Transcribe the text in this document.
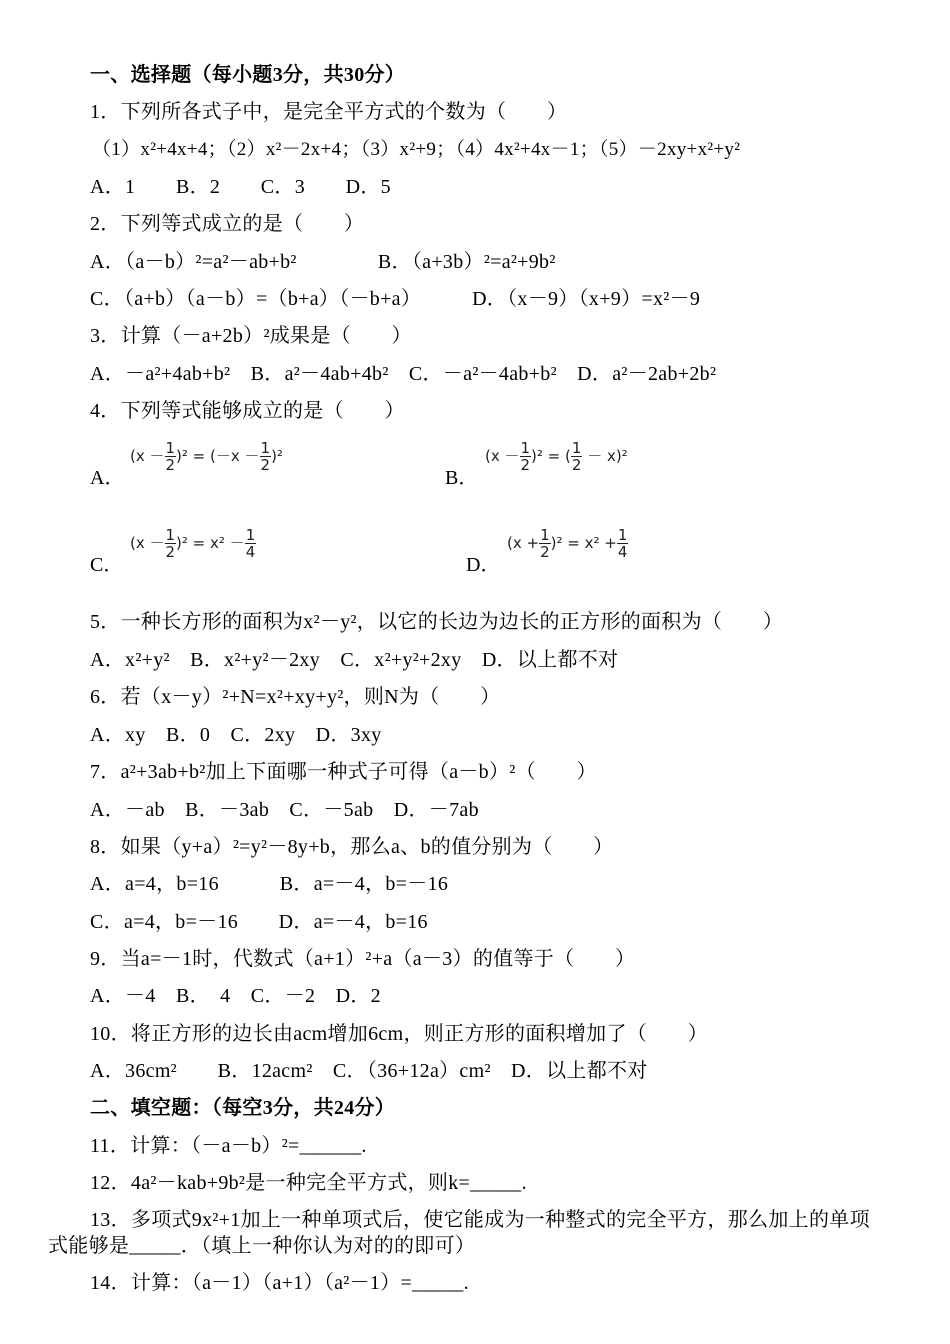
一、选择题（每小题3分，共30分）
1．下列所各式子中，是完全平方式的个数为（　　）
（1）x²+4x+4；（2）x²－2x+4；（3）x²+9；（4）4x²+4x－1；（5）－2xy+x²+y²
A．1　　B．2　　C．3　　D．5
2．下列等式成立的是（　　）
A．（a－b）²=a²－ab+b²　　　　B．（a+3b）²=a²+9b²
C．（a+b）（a－b）=（b+a）（－b+a）　　　D．（x－9）（x+9）=x²－9
3．计算（－a+2b）²成果是（　　）
A．－a²+4ab+b²　B．a²－4ab+4b²　C．－a²－4ab+b²　D．a²－2ab+2b²
4．下列等式能够成立的是（　　）
A．
$(x - \frac{1}{2} )^2 = (-x - \frac{1}{2} )^2$
B．
$(x - \frac{1}{2} )^2$ = ( $\frac{1}{2} - x)^2$
C．
$(x - \frac{1}{2} )^2 = x^2 - \frac{1}{4}$
D．
$(x + \frac{1}{2} )^2 = x^2 + \frac{1}{4}$
5．一种长方形的面积为x²－y²，以它的长边为边长的正方形的面积为（　　）
A．x²+y²　B．x²+y²－2xy　C．x²+y²+2xy　D．以上都不对
6．若（x－y）²+N=x²+xy+y²，则N为（　　）
A．xy　B．0　C．2xy　D．3xy
7．a²+3ab+b²加上下面哪一种式子可得（a－b）²（　　）
A．－ab　B．－3ab　C．－5ab　D．－7ab
8．如果（y+a）²=y²－8y+b，那么a、b的值分别为（　　）
A．a=4，b=16　　　B．a=－4，b=－16
C．a=4，b=－16　　D．a=－4，b=16
9．当a=－1时，代数式（a+1）²+a（a－3）的值等于（　　）
A．－4　B．　4　C．－2　D．2
10．将正方形的边长由acm增加6cm，则正方形的面积增加了（　　）
A．36cm²　　B．12acm²　C．（36+12a）cm²　D．以上都不对
二、填空题：（每空3分，共24分）
11．计算：（－a－b）²=______.
12．4a²－kab+9b²是一种完全平方式，则k=_____.
13．多项式9x²+1加上一种单项式后，使它能成为一种整式的完全平方，那么加上的单项式能够是_____．（填上一种你认为对的的即可）
14．计算：（a－1）（a+1）（a²－1）=_____.
